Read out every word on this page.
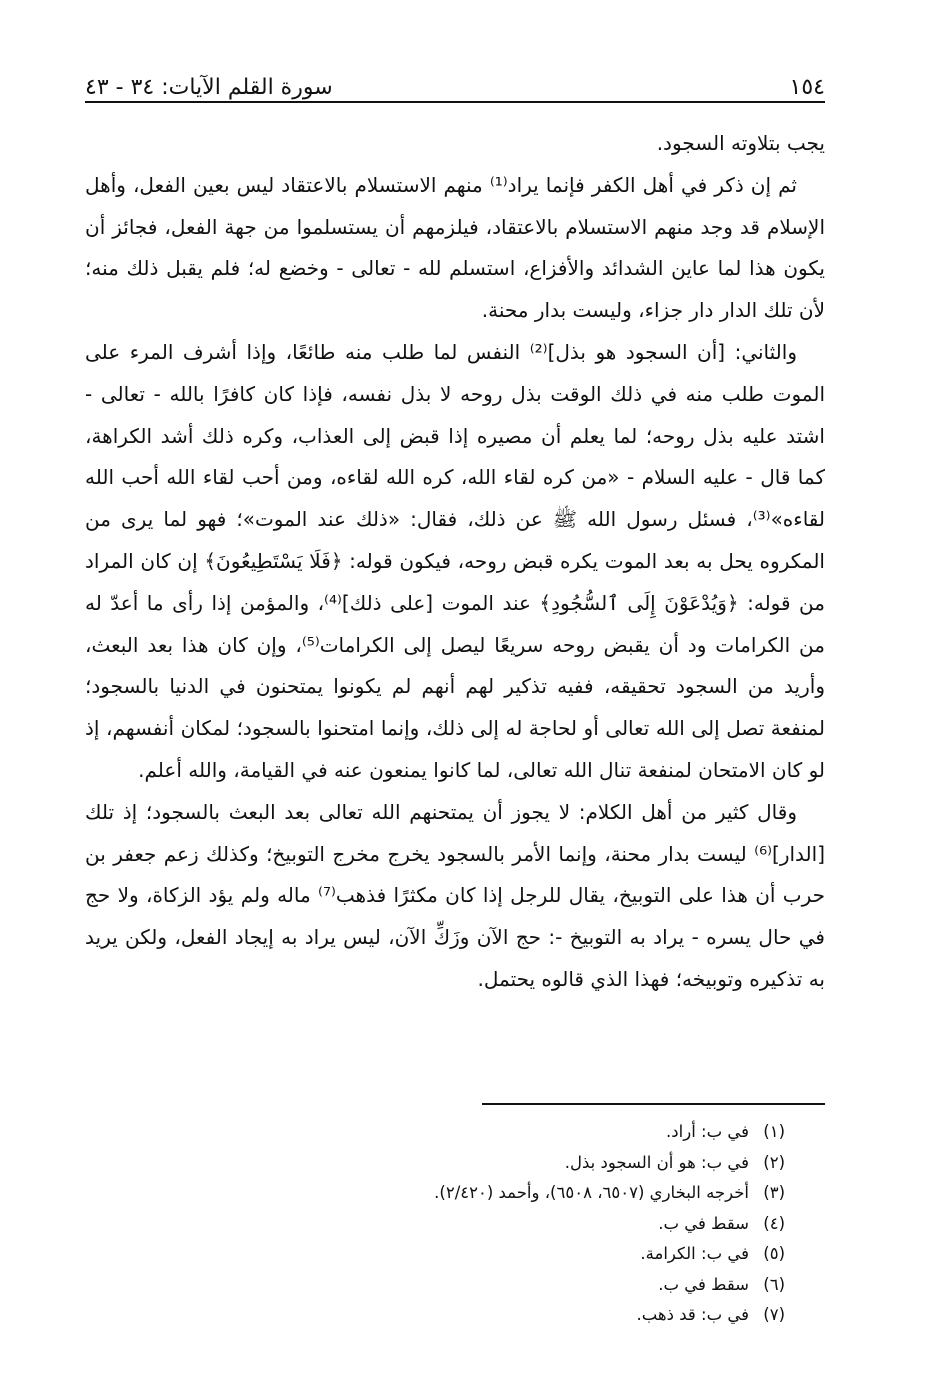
سورة القلم الآيات: ٣٤ - ٤٣	١٥٤

يجب بتلاوته السجود.

ثم إن ذكر في أهل الكفر فإنما يراد⁽¹⁾ منهم الاستسلام بالاعتقاد ليس بعين الفعل، وأهل الإسلام قد وجد منهم الاستسلام بالاعتقاد، فيلزمهم أن يستسلموا من جهة الفعل، فجائز أن يكون هذا لما عاين الشدائد والأفزاع، استسلم لله - تعالى - وخضع له؛ فلم يقبل ذلك منه؛ لأن تلك الدار دار جزاء، وليست بدار محنة.

والثاني: [أن السجود هو بذل]⁽²⁾ النفس لما طلب منه طائعًا، وإذا أشرف المرء على الموت طلب منه في ذلك الوقت بذل روحه لا بذل نفسه، فإذا كان كافرًا بالله - تعالى - اشتد عليه بذل روحه؛ لما يعلم أن مصيره إذا قبض إلى العذاب، وكره ذلك أشد الكراهة، كما قال - عليه السلام - «من كره لقاء الله، كره الله لقاءه، ومن أحب لقاء الله أحب الله لقاءه»⁽³⁾، فسئل رسول الله ﷺ عن ذلك، فقال: «ذلك عند الموت»؛ فهو لما يرى من المكروه يحل به بعد الموت يكره قبض روحه، فيكون قوله: ﴿فَلَا يَسْتَطِيعُونَ﴾ إن كان المراد من قوله: ﴿وَيُدْعَوْنَ إِلَى ٱلسُّجُودِ﴾ عند الموت [على ذلك]⁽⁴⁾، والمؤمن إذا رأى ما أعدّ له من الكرامات ود أن يقبض روحه سريعًا ليصل إلى الكرامات⁽⁵⁾، وإن كان هذا بعد البعث، وأريد من السجود تحقيقه، ففيه تذكير لهم أنهم لم يكونوا يمتحنون في الدنيا بالسجود؛ لمنفعة تصل إلى الله تعالى أو لحاجة له إلى ذلك، وإنما امتحنوا بالسجود؛ لمكان أنفسهم، إذ لو كان الامتحان لمنفعة تنال الله تعالى، لما كانوا يمنعون عنه في القيامة، والله أعلم.

وقال كثير من أهل الكلام: لا يجوز أن يمتحنهم الله تعالى بعد البعث بالسجود؛ إذ تلك [الدار]⁽⁶⁾ ليست بدار محنة، وإنما الأمر بالسجود يخرج مخرج التوبيخ؛ وكذلك زعم جعفر بن حرب أن هذا على التوبيخ، يقال للرجل إذا كان مكثرًا فذهب⁽⁷⁾ ماله ولم يؤد الزكاة، ولا حج في حال يسره - يراد به التوبيخ -: حج الآن وزَكِّ الآن، ليس يراد به إيجاد الفعل، ولكن يريد به تذكيره وتوبيخه؛ فهذا الذي قالوه يحتمل.

(١)
في ب: أراد.
(٢)
في ب: هو أن السجود بذل.
(٣)
أخرجه البخاري (٦٥٠٧، ٦٥٠٨)، وأحمد (٢/٤٢٠).
(٤)
سقط في ب.
(٥)
في ب: الكرامة.
(٦)
سقط في ب.
(٧)
في ب: قد ذهب.
